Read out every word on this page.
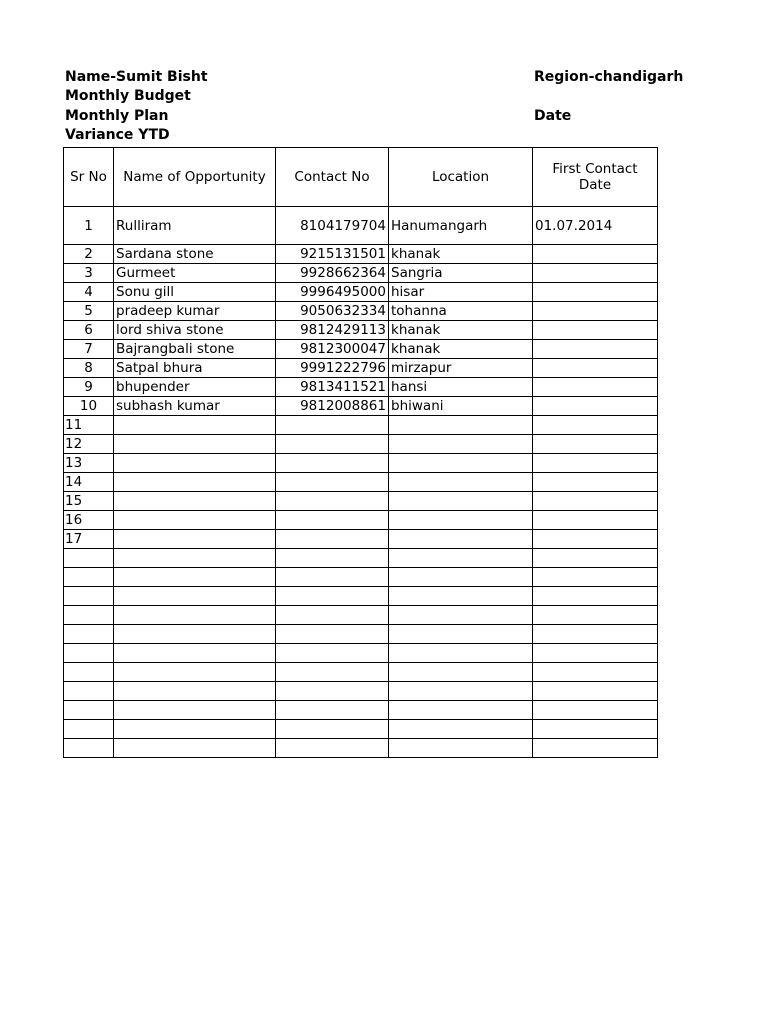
Name-Sumit Bisht
Monthly Budget
Monthly Plan
Variance YTD
Region-chandigarh
Date
Sr No	Name of Opportunity	Contact No	Location	First Contact Date
1	Rulliram	8104179704	Hanumangarh	01.07.2014
2	Sardana stone	9215131501	khanak	
3	Gurmeet	9928662364	Sangria	
4	Sonu gill	9996495000	hisar	
5	pradeep kumar	9050632334	tohanna	
6	lord shiva stone	9812429113	khanak	
7	Bajrangbali stone	9812300047	khanak	
8	Satpal bhura	9991222796	mirzapur	
9	bhupender	9813411521	hansi	
10	subhash kumar	9812008861	bhiwani	
11				
12				
13				
14				
15				
16				
17				
